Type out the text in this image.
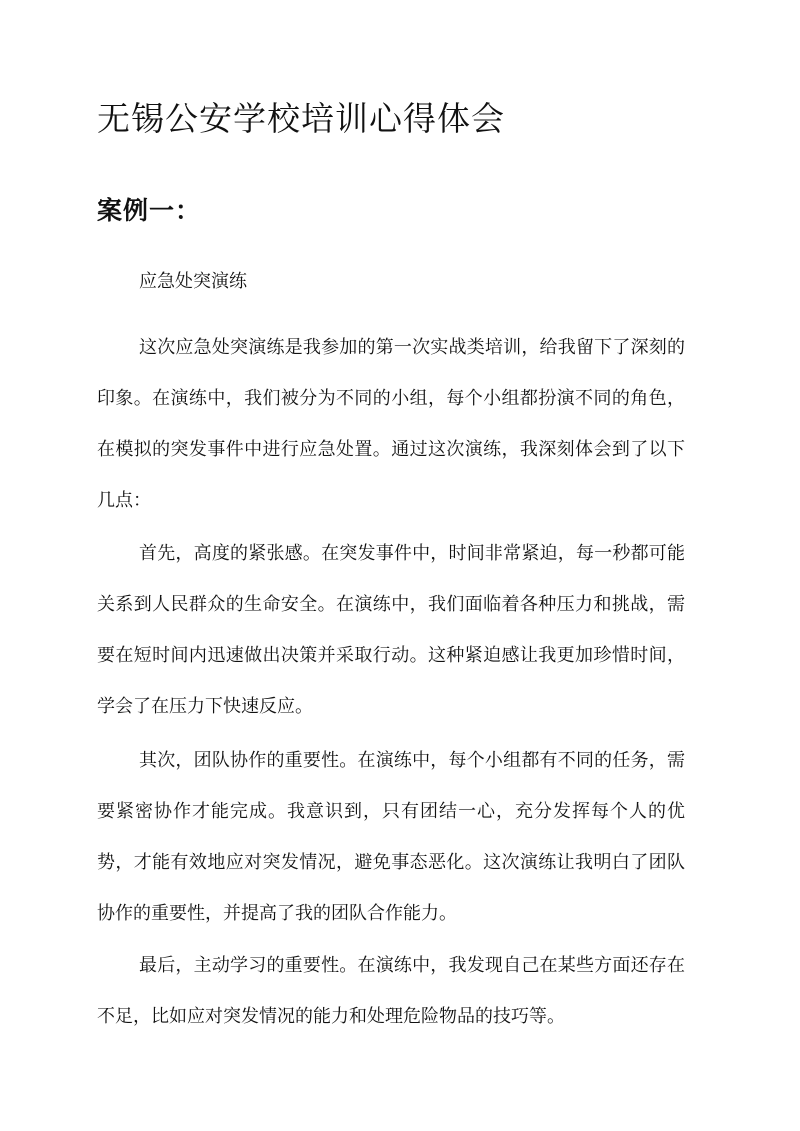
无锡公安学校培训心得体会
案例一：

应急处突演练

这次应急处突演练是我参加的第一次实战类培训，给我留下了深刻的印象。在演练中，我们被分为不同的小组，每个小组都扮演不同的角色，在模拟的突发事件中进行应急处置。通过这次演练，我深刻体会到了以下几点：

首先，高度的紧张感。在突发事件中，时间非常紧迫，每一秒都可能关系到人民群众的生命安全。在演练中，我们面临着各种压力和挑战，需要在短时间内迅速做出决策并采取行动。这种紧迫感让我更加珍惜时间，学会了在压力下快速反应。

其次，团队协作的重要性。在演练中，每个小组都有不同的任务，需要紧密协作才能完成。我意识到，只有团结一心，充分发挥每个人的优势，才能有效地应对突发情况，避免事态恶化。这次演练让我明白了团队协作的重要性，并提高了我的团队合作能力。

最后，主动学习的重要性。在演练中，我发现自己在某些方面还存在不足，比如应对突发情况的能力和处理危险物品的技巧等。
